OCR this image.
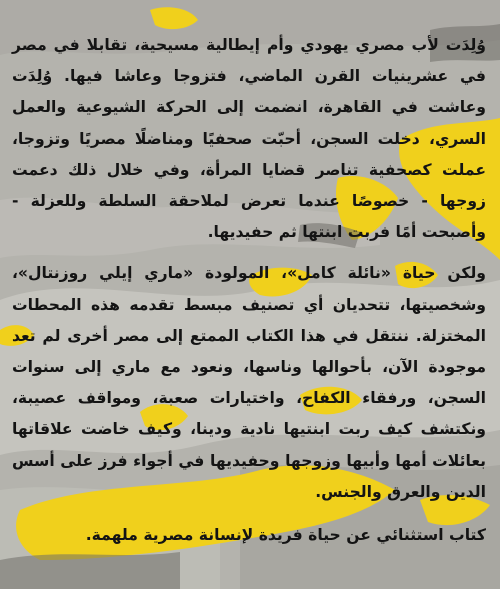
وُلِدَت لأب مصري يهودي وأم إيطالية مسيحية، تقابلا في مصر في عشرينيات القرن الماضي، فتزوجا وعاشا فيها. وُلِدَت وعاشت في القاهرة، انضمت إلى الحركة الشيوعية والعمل السري، دخلت السجن، أحبّت صحفيًا ومناضلًا مصريًا وتزوجا، عملت كصحفية تناصر قضايا المرأة، وفي خلال ذلك دعمت زوجها - خصوصًا عندما تعرض لملاحقة السلطة وللعزلة - وأصبحت أمًا فربت ابنتها ثم حفيديها.

ولكن حياة «نائلة كامل»، المولودة «ماري إيلي روزنتال»، وشخصيتها، تتحديان أي تصنيف مبسط تقدمه هذه المحطات المختزلة. ننتقل في هذا الكتاب الممتع إلى مصر أخرى لم تعد موجودة الآن، بأحوالها وناسها، ونعود مع ماري إلى سنوات السجن، ورفقاء الكفاح، واختيارات صعبة، ومواقف عصيبة، ونكتشف كيف ربت ابنتيها نادية ودينا، وكيف خاضت علاقاتها بعائلات أمها وأبيها وزوجها وحفيديها في أجواء فرز على أسس الدين والعرق والجنس.

كتاب استثنائي عن حياة فريدة لإنسانة مصرية ملهمة.
